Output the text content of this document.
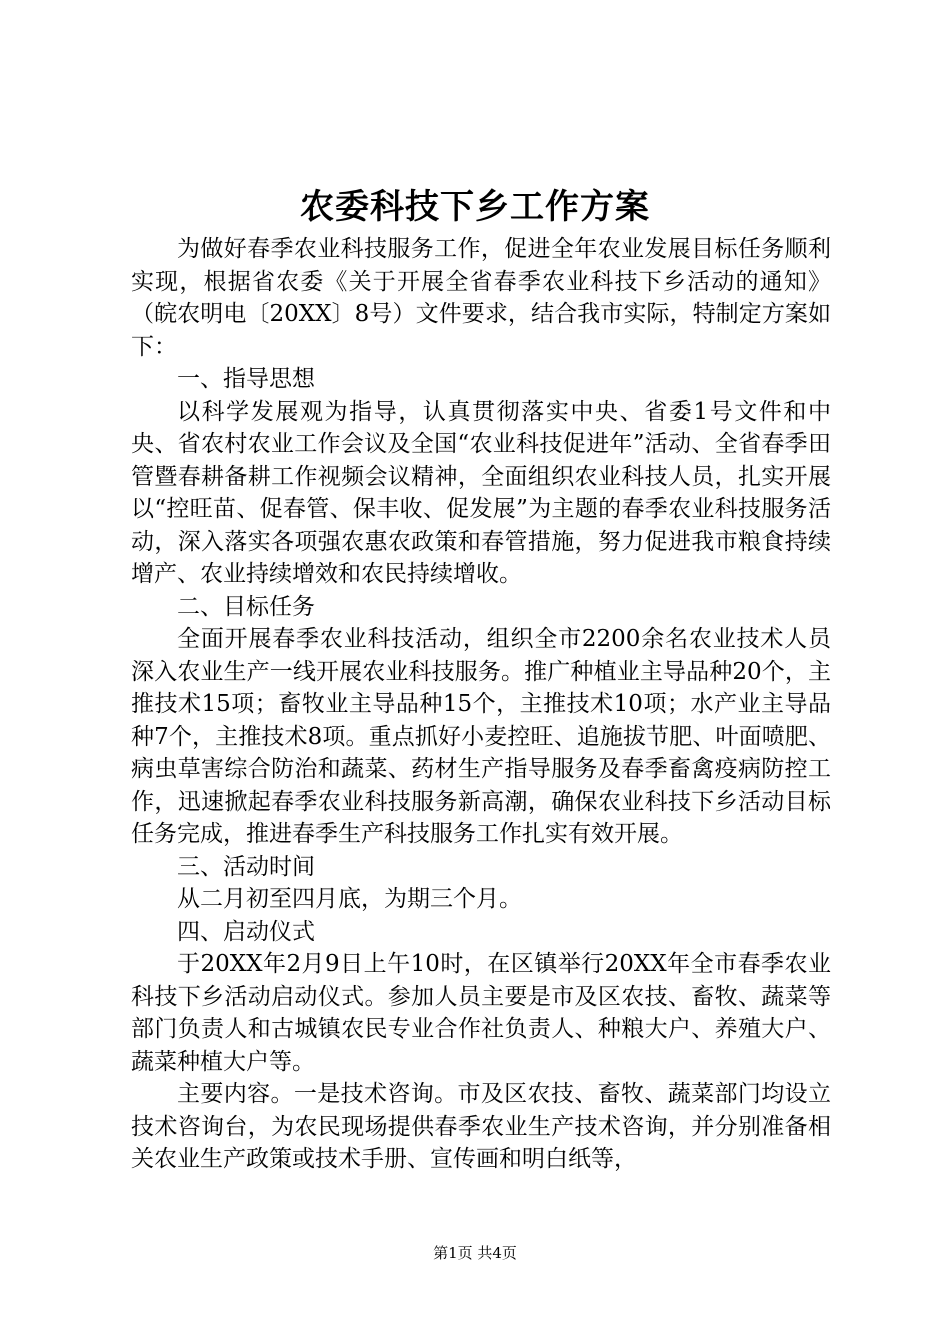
农委科技下乡工作方案

为做好春季农业科技服务工作，促进全年农业发展目标任务顺利实现，根据省农委《关于开展全省春季农业科技下乡活动的通知》（皖农明电〔20XX〕8号）文件要求，结合我市实际，特制定方案如下：

一、指导思想

以科学发展观为指导，认真贯彻落实中央、省委1号文件和中央、省农村农业工作会议及全国“农业科技促进年”活动、全省春季田管暨春耕备耕工作视频会议精神，全面组织农业科技人员，扎实开展以“控旺苗、促春管、保丰收、促发展”为主题的春季农业科技服务活动，深入落实各项强农惠农政策和春管措施，努力促进我市粮食持续增产、农业持续增效和农民持续增收。

二、目标任务

全面开展春季农业科技活动，组织全市2200余名农业技术人员深入农业生产一线开展农业科技服务。推广种植业主导品种20个，主推技术15项；畜牧业主导品种15个，主推技术10项；水产业主导品种7个，主推技术8项。重点抓好小麦控旺、追施拔节肥、叶面喷肥、病虫草害综合防治和蔬菜、药材生产指导服务及春季畜禽疫病防控工作，迅速掀起春季农业科技服务新高潮，确保农业科技下乡活动目标任务完成，推进春季生产科技服务工作扎实有效开展。

三、活动时间

从二月初至四月底，为期三个月。

四、启动仪式

于20XX年2月9日上午10时，在区镇举行20XX年全市春季农业科技下乡活动启动仪式。参加人员主要是市及区农技、畜牧、蔬菜等部门负责人和古城镇农民专业合作社负责人、种粮大户、养殖大户、蔬菜种植大户等。

主要内容。一是技术咨询。市及区农技、畜牧、蔬菜部门均设立技术咨询台，为农民现场提供春季农业生产技术咨询，并分别准备相关农业生产政策或技术手册、宣传画和明白纸等，

第1页 共4页
